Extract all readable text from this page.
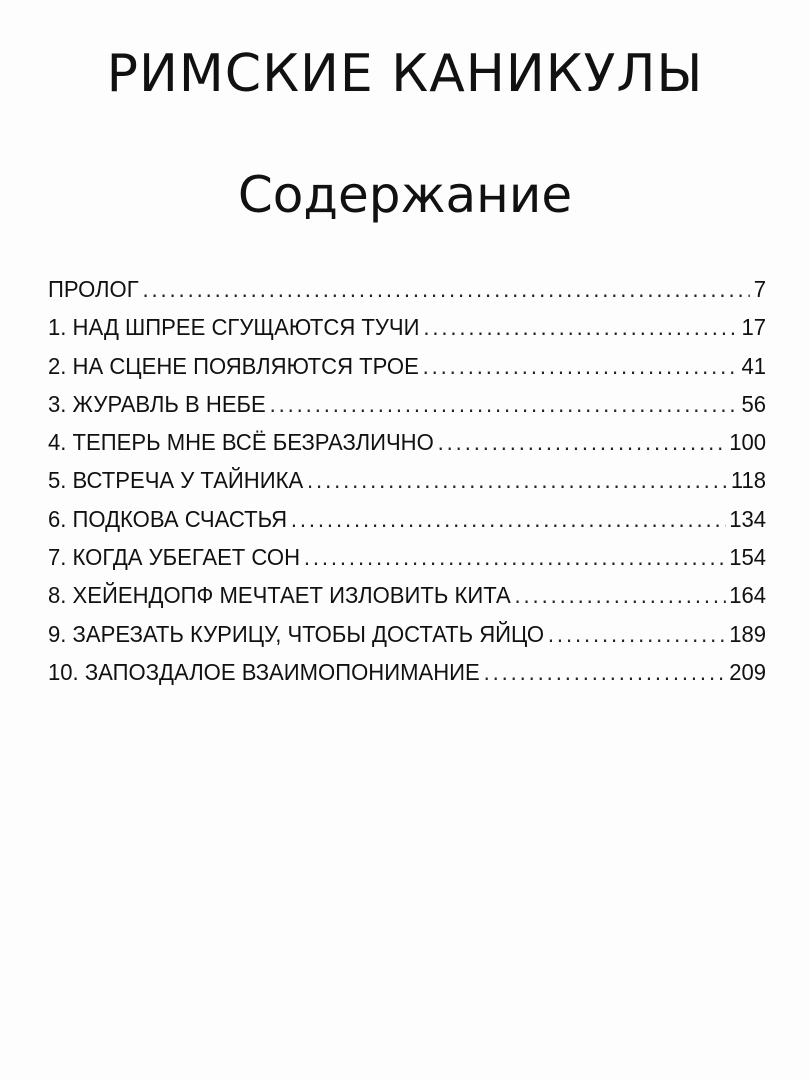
РИМСКИЕ КАНИКУЛЫ
Содержание
ПРОЛОГ .....	7
1. НАД ШПРЕЕ СГУЩАЮТСЯ ТУЧИ .....	17
2. НА СЦЕНЕ ПОЯВЛЯЮТСЯ ТРОЕ .....	41
3. ЖУРАВЛЬ В НЕБЕ .....	56
4. ТЕПЕРЬ МНЕ ВСЁ БЕЗРАЗЛИЧНО .....	100
5. ВСТРЕЧА У ТАЙНИКА .....	118
6. ПОДКОВА СЧАСТЬЯ .....	134
7. КОГДА УБЕГАЕТ СОН .....	154
8. ХЕЙЕНДОПФ МЕЧТАЕТ ИЗЛОВИТЬ КИТА .....	164
9. ЗАРЕЗАТЬ КУРИЦУ, ЧТОБЫ ДОСТАТЬ ЯЙЦО .....	189
10. ЗАПОЗДАЛОЕ ВЗАИМОПОНИМАНИЕ .....	209
